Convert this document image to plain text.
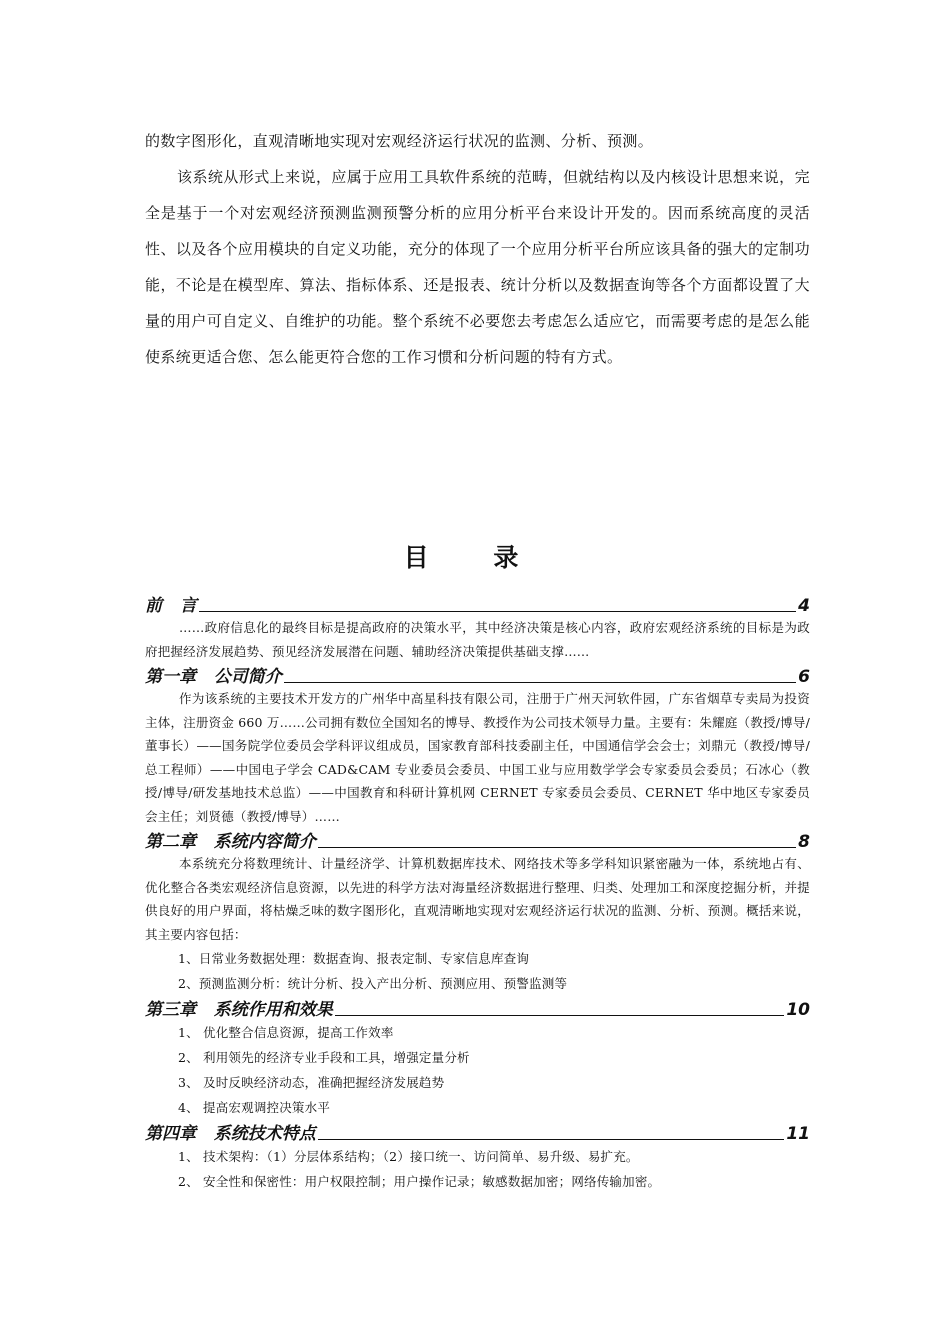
的数字图形化，直观清晰地实现对宏观经济运行状况的监测、分析、预测。

该系统从形式上来说，应属于应用工具软件系统的范畴，但就结构以及内核设计思想来说，完全是基于一个对宏观经济预测监测预警分析的应用分析平台来设计开发的。因而系统高度的灵活性、以及各个应用模块的自定义功能，充分的体现了一个应用分析平台所应该具备的强大的定制功能，不论是在模型库、算法、指标体系、还是报表、统计分析以及数据查询等各个方面都设置了大量的用户可自定义、自维护的功能。整个系统不必要您去考虑怎么适应它，而需要考虑的是怎么能使系统更适合您、怎么能更符合您的工作习惯和分析问题的特有方式。

目 录
前   言	4
……政府信息化的最终目标是提高政府的决策水平，其中经济决策是核心内容，政府宏观经济系统的目标是为政府把握经济发展趋势、预见经济发展潜在问题、辅助经济决策提供基础支撑……
第一章   公司简介	6
作为该系统的主要技术开发方的广州华中高星科技有限公司，注册于广州天河软件园，广东省烟草专卖局为投资主体，注册资金 660 万……公司拥有数位全国知名的博导、教授作为公司技术领导力量。主要有：朱耀庭（教授/博导/董事长）——国务院学位委员会学科评议组成员，国家教育部科技委副主任，中国通信学会会士；刘鼎元（教授/博导/总工程师）——中国电子学会 CAD&CAM 专业委员会委员、中国工业与应用数学学会专家委员会委员；石冰心（教授/博导/研发基地技术总监）——中国教育和科研计算机网 CERNET 专家委员会委员、CERNET 华中地区专家委员会主任；刘贤德（教授/博导）……
第二章   系统内容简介	8
本系统充分将数理统计、计量经济学、计算机数据库技术、网络技术等多学科知识紧密融为一体，系统地占有、优化整合各类宏观经济信息资源，以先进的科学方法对海量经济数据进行整理、归类、处理加工和深度挖掘分析，并提供良好的用户界面，将枯燥乏味的数字图形化，直观清晰地实现对宏观经济运行状况的监测、分析、预测。概括来说，其主要内容包括：
1、日常业务数据处理：数据查询、报表定制、专家信息库查询
2、预测监测分析：统计分析、投入产出分析、预测应用、预警监测等
第三章   系统作用和效果	10
1、 优化整合信息资源，提高工作效率
2、 利用领先的经济专业手段和工具，增强定量分析
3、 及时反映经济动态，准确把握经济发展趋势
4、 提高宏观调控决策水平
第四章   系统技术特点	11
1、 技术架构：（1）分层体系结构；（2）接口统一、访问简单、易升级、易扩充。
2、 安全性和保密性：用户权限控制；用户操作记录；敏感数据加密；网络传输加密。
